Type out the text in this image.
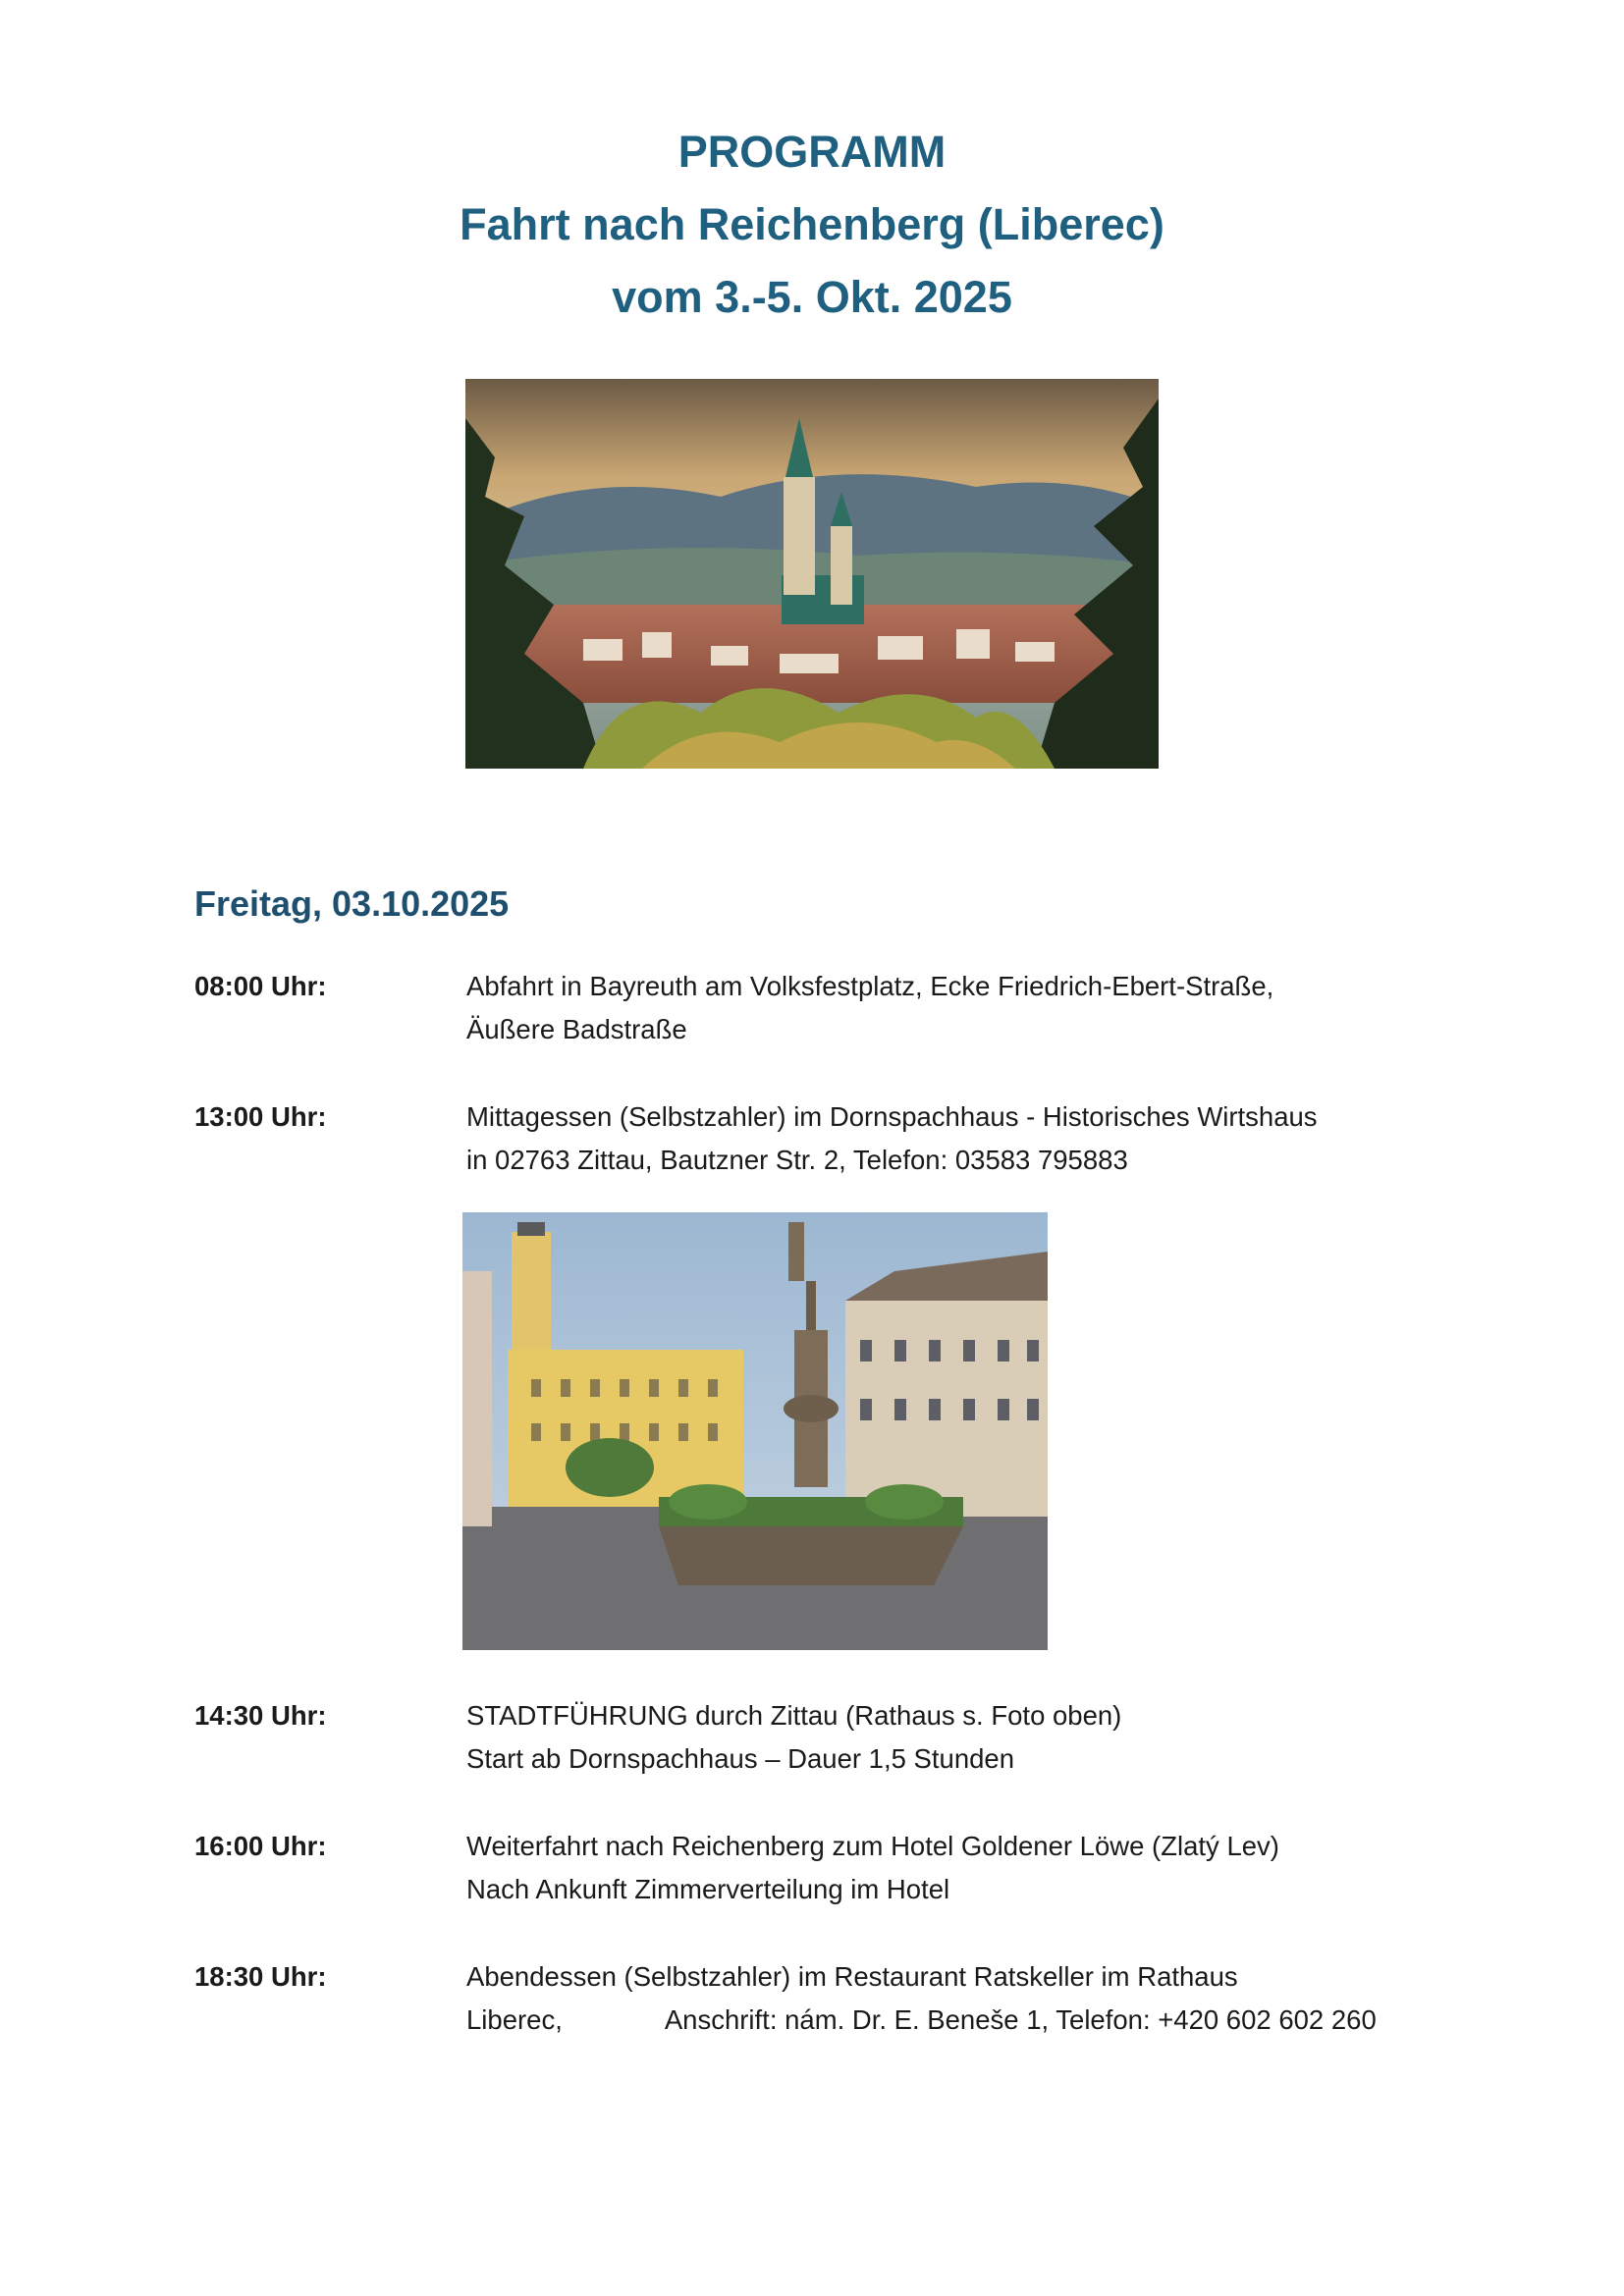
PROGRAMM
Fahrt nach Reichenberg (Liberec)
vom 3.-5. Okt. 2025
Freitag, 03.10.2025
08:00 Uhr:	Abfahrt in Bayreuth am Volksfestplatz, Ecke Friedrich-Ebert-Straße,
Äußere Badstraße
13:00 Uhr:	Mittagessen (Selbstzahler) im Dornspachhaus - Historisches Wirtshaus
in 02763 Zittau, Bautzner Str. 2, Telefon: 03583 795883
14:30 Uhr:	STADTFÜHRUNG durch Zittau (Rathaus s. Foto oben)
Start ab Dornspachhaus – Dauer 1,5 Stunden
16:00 Uhr:	Weiterfahrt nach Reichenberg zum Hotel Goldener Löwe (Zlatý Lev)
Nach Ankunft Zimmerverteilung im Hotel
18:30 Uhr:	Abendessen (Selbstzahler) im Restaurant Ratskeller im Rathaus
Liberec,	Anschrift: nám. Dr. E. Beneše 1, Telefon: +420 602 602 260
